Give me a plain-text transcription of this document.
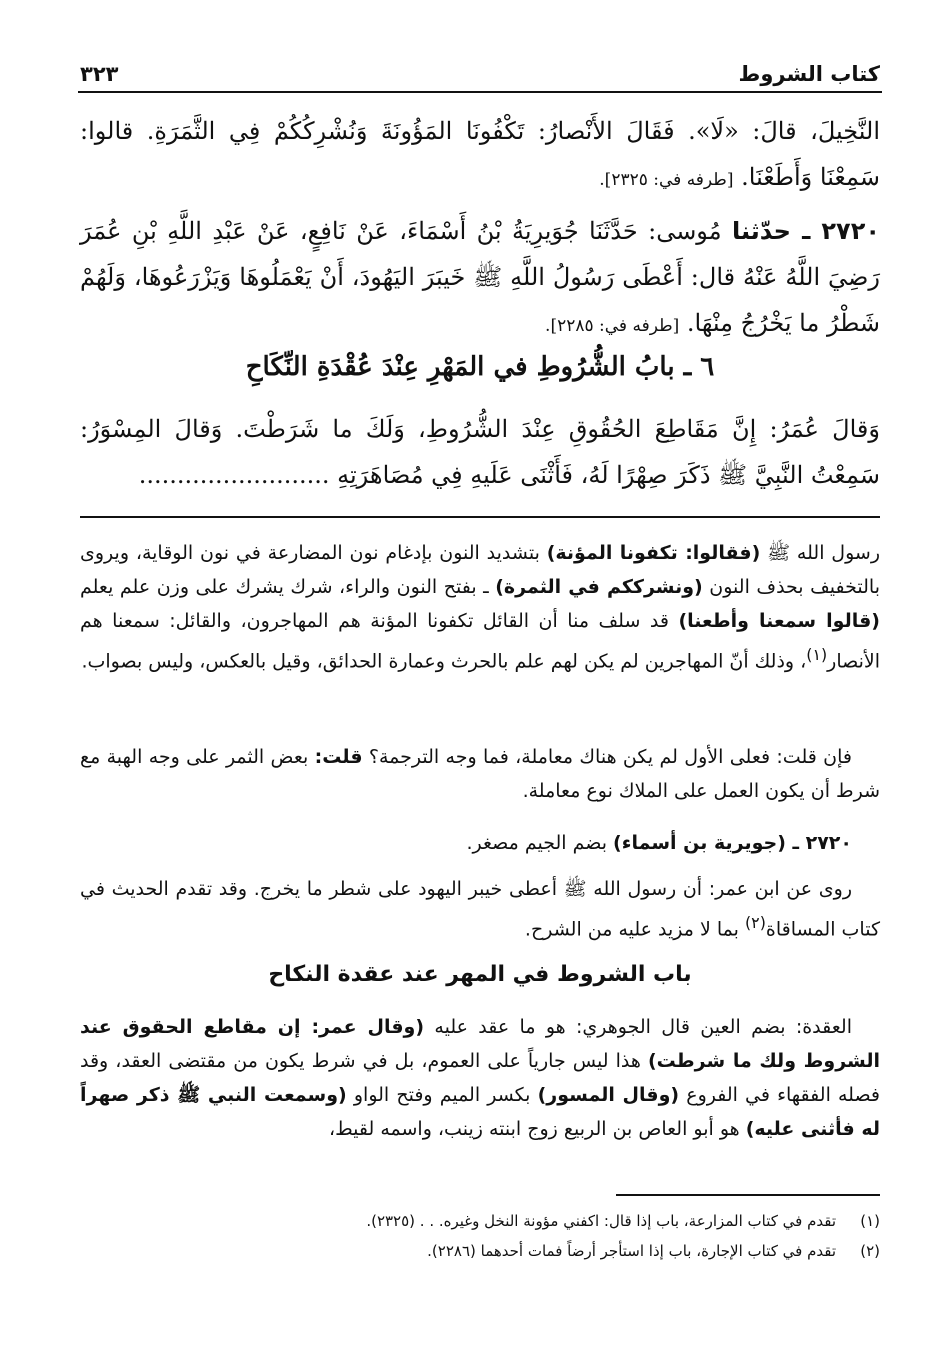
كتاب الشروط
٣٢٣
النَّخِيلَ، قالَ: «لَا». فَقَالَ الأَنْصارُ: تَكْفُونَا المَؤُونَةَ وَنُشْرِكُكُمْ فِي الثَّمَرَةِ. قالوا: سَمِعْنَا وَأَطَعْنَا. [طرفه في: ٢٣٢٥].
٢٧٢٠ ـ حدّثنا مُوسى: حَدَّثَنَا جُوَيرِيَةُ بْنُ أَسْمَاءَ، عَنْ نَافِعٍ، عَنْ عَبْدِ اللَّهِ بْنِ عُمَرَ رَضِيَ اللَّهُ عَنْهُ قال: أَعْطَى رَسُولُ اللَّهِ ﷺ خَيبَرَ اليَهُودَ، أَنْ يَعْمَلُوهَا وَيَزْرَعُوهَا، وَلَهُمْ شَطْرُ ما يَخْرُجُ مِنْهَا. [طرفه في: ٢٢٨٥].
٦ ـ بابُ الشُّرُوطِ في المَهْرِ عِنْدَ عُقْدَةِ النِّكَاحِ
وَقالَ عُمَرُ: إِنَّ مَقَاطِعَ الحُقُوقِ عِنْدَ الشُّرُوطِ، وَلَكَ ما شَرَطْتَ. وَقالَ المِسْوَرُ: سَمِعْتُ النَّبِيَّ ﷺ ذَكَرَ صِهْرًا لَهُ، فَأَثْنَى عَلَيهِ فِي مُصَاهَرَتِهِ .........................

رسول الله ﷺ (فقالوا: تكفونا المؤنة) بتشديد النون بإدغام نون المضارعة في نون الوقاية، ويروى بالتخفيف بحذف النون (ونشرككم في الثمرة) ـ بفتح النون والراء، شرك يشرك على وزن علم يعلم (قالوا سمعنا وأطعنا) قد سلف منا أن القائل تكفونا المؤنة هم المهاجرون، والقائل: سمعنا هم الأنصار$^{(١)}$، وذلك أنّ المهاجرين لم يكن لهم علم بالحرث وعمارة الحدائق، وقيل بالعكس، وليس بصواب.

فإن قلت: فعلى الأول لم يكن هناك معاملة، فما وجه الترجمة؟ قلت: بعض الثمر على وجه الهبة مع شرط أن يكون العمل على الملاك نوع معاملة.

٢٧٢٠ ـ (جويرية بن أسماء) بضم الجيم مصغر.

روى عن ابن عمر: أن رسول الله ﷺ أعطى خيبر اليهود على شطر ما يخرج. وقد تقدم الحديث في كتاب المساقاة$^{(٢)}$ بما لا مزيد عليه من الشرح.

باب الشروط في المهر عند عقدة النكاح

العقدة: بضم العين قال الجوهري: هو ما عقد عليه (وقال عمر: إن مقاطع الحقوق عند الشروط ولك ما شرطت) هذا ليس جارياً على العموم، بل في شرط يكون من مقتضى العقد، وقد فصله الفقهاء في الفروع (وقال المسور) بكسر الميم وفتح الواو (وسمعت النبي ﷺ ذكر صهراً له فأثنى عليه) هو أبو العاص بن الربيع زوج ابنته زينب، واسمه لقيط،

(١)
تقدم في كتاب المزارعة، باب إذا قال: اكفني مؤونة النخل وغيره. . . (٢٣٢٥).
(٢)
تقدم في كتاب الإجارة، باب إذا استأجر أرضاً فمات أحدهما (٢٢٨٦).
